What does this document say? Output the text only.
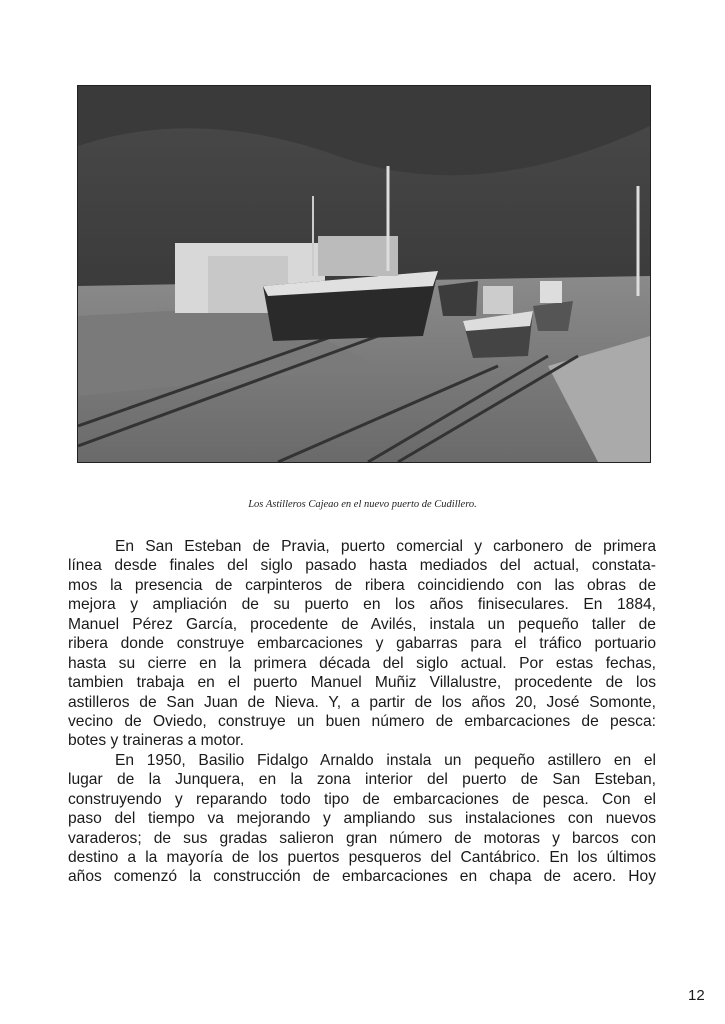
Los Astilleros Cajeao en el nuevo puerto de Cudillero.
En San Esteban de Pravia, puerto comercial y carbonero de primera
línea desde finales del siglo pasado hasta mediados del actual, constata-
mos la presencia de carpinteros de ribera coincidiendo con las obras de
mejora y ampliación de su puerto en los años finiseculares. En 1884,
Manuel Pérez García, procedente de Avilés, instala un pequeño taller de
ribera donde construye embarcaciones y gabarras para el tráfico portuario
hasta su cierre en la primera década del siglo actual. Por estas fechas,
tambien trabaja en el puerto Manuel Muñiz Villalustre, procedente de los
astilleros de San Juan de Nieva. Y, a partir de los años 20, José Somonte,
vecino de Oviedo, construye un buen número de embarcaciones de pesca:
botes y traineras a motor.
En 1950, Basilio Fidalgo Arnaldo instala un pequeño astillero en el
lugar de la Junquera, en la zona interior del puerto de San Esteban,
construyendo y reparando todo tipo de embarcaciones de pesca. Con el
paso del tiempo va mejorando y ampliando sus instalaciones con nuevos
varaderos; de sus gradas salieron gran número de motoras y barcos con
destino a la mayoría de los puertos pesqueros del Cantábrico. En los últimos
años comenzó la construcción de embarcaciones en chapa de acero. Hoy
12
